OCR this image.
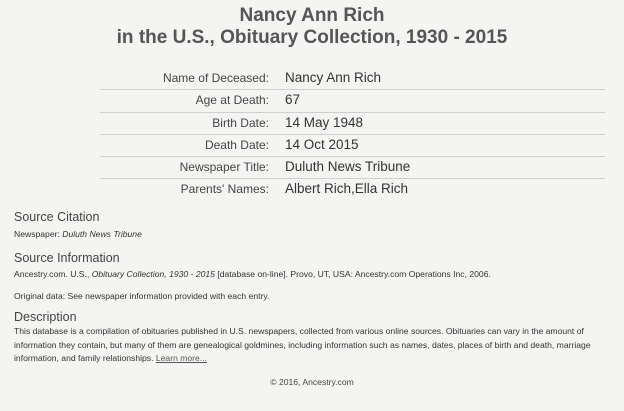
Nancy Ann Rich
in the U.S., Obituary Collection, 1930 - 2015
Name of Deceased: Nancy Ann Rich
Age at Death: 67
Birth Date: 14 May 1948
Death Date: 14 Oct 2015
Newspaper Title: Duluth News Tribune
Parents' Names: Albert Rich,Ella Rich
Source Citation

Newspaper: Duluth News Tribune

Source Information

Ancestry.com. U.S., Obituary Collection, 1930 - 2015 [database on-line]. Provo, UT, USA: Ancestry.com Operations Inc, 2006.

Original data: See newspaper information provided with each entry.

Description

This database is a compilation of obituaries published in U.S. newspapers, collected from various online sources. Obituaries can vary in the amount of information they contain, but many of them are genealogical goldmines, including information such as names, dates, places of birth and death, marriage information, and family relationships. Learn more...

© 2016, Ancestry.com
